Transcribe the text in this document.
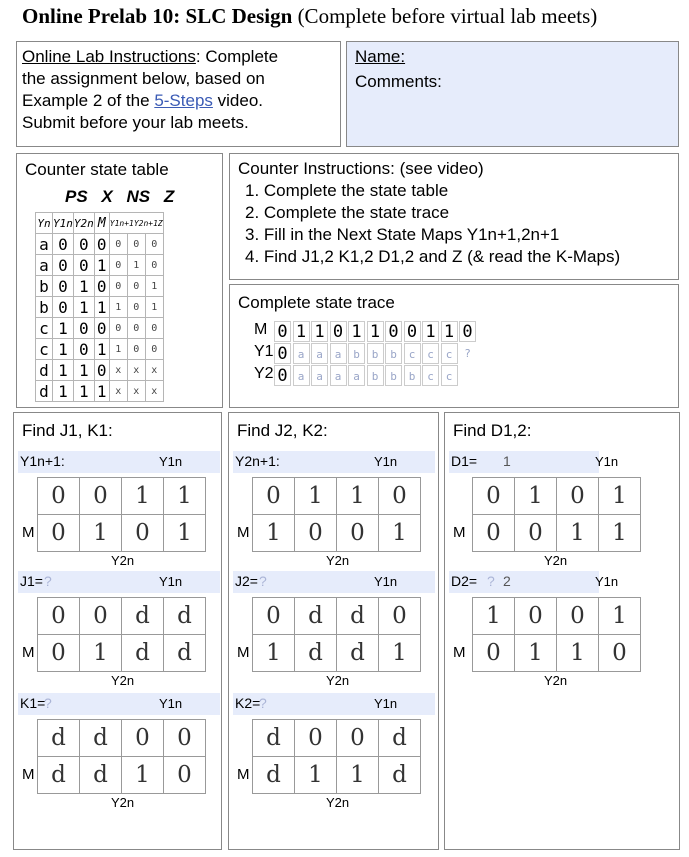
Online Prelab 10: SLC Design (Complete before virtual lab meets)
Online Lab Instructions: Complete
the assignment below, based on
Example 2 of the 5-Steps video.
Submit before your lab meets.
Name:
Comments:
Counter state table
PS X NS Z
Yn	Y1n	Y2n	M	Y1n+1Y2n+1Z		
a	0	0	0	0	0	0
a	0	0	1	0	1	0
b	0	1	0	0	0	1
b	0	1	1	1	0	1
c	1	0	0	0	0	0
c	1	0	1	1	0	0
d	1	1	0	x	x	x
d	1	1	1	x	x	x
Counter Instructions: (see video)
1. Complete the state table
2. Complete the state trace
3. Fill in the Next State Maps Y1n+1,2n+1
4. Find J1,2 K1,2 D1,2 and Z (& read the K-Maps)
Complete state trace
M 0 1 1 0 1 1 0 0 1 1 0
Y1 0 a	a	a	b	b	b	c	c	c	?
Y2 0 a	a	a	a	b	b	b	c	c
Find J1, K1:
Y1n+1:	Y1n
0	0	1	1
0	1	0	1
M
Y2n
J1= ?	Y1n
0	0	d	d
0	1	d	d
M
Y2n
K1=
?	Y1n
d	d	0	0
d	d	1	0
M
Y2n
Find J2, K2:
Y2n+1:	Y1n
0	1	1	0
1	0	0	1
M
Y2n
J2= ?	Y1n
0	d	d	0
1	d	d	1
M
Y2n
K2=
?	Y1n
d	0	0	d
d	1	1	d
M
Y2n
Find D1,2:
D1= 1	Y1n
0	1	0	1
0	0	1	1
M
Y2n
D2= 2
?	Y1n
1	0	0	1
0	1	1	0
M
Y2n
